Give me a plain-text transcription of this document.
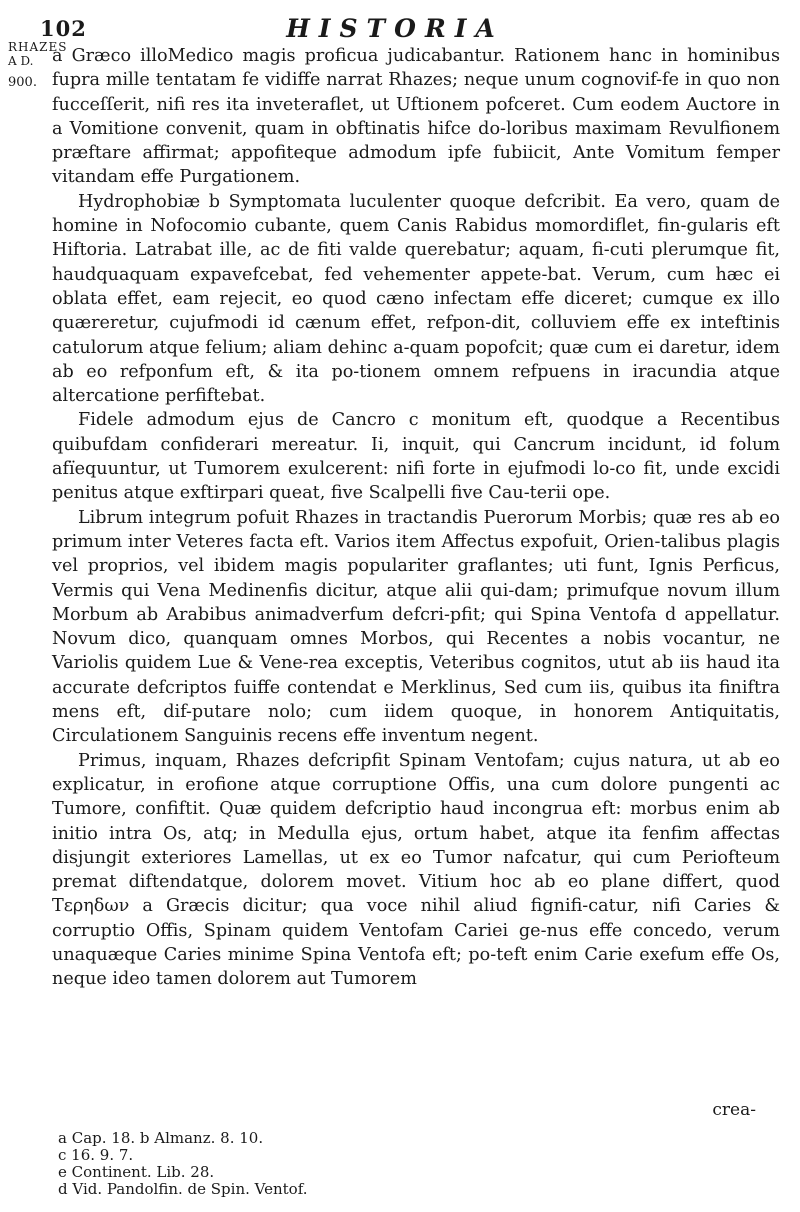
102	HISTORIA
RHAZES
A D.
900.

a Græco illoMedico magis proficua judicabantur. Rationem hanc in hominibus fupra mille tentatam fe vidiffe narrat Rhazes; neque unum cognovif-fe in quo non fucceſſerit, nifi res ita inveteraflet, ut Uftionem pofceret. Cum eodem Auctore in a Vomitione convenit, quam in obftinatis hifce do-loribus maximam Revulfionem præftare affirmat; appofiteque admodum ipfe fubiicit, Ante Vomitum femper vitandam effe Purgationem.

Hydrophobiæ b Symptomata luculenter quoque defcribit. Ea vero, quam de homine in Nofocomio cubante, quem Canis Rabidus momordiflet, fin-gularis eft Hiftoria. Latrabat ille, ac de fiti valde querebatur; aquam, fi-cuti plerumque fit, haudquaquam expavefcebat, fed vehementer appete-bat. Verum, cum hæc ei oblata effet, eam rejecit, eo quod cæno infectam effe diceret; cumque ex illo quæreretur, cujufmodi id cænum effet, refpon-dit, colluviem effe ex inteftinis catulorum atque felium; aliam dehinc a-quam popofcit; quæ cum ei daretur, idem ab eo refponfum eft, & ita po-tionem omnem refpuens in iracundia atque altercatione perfiftebat.

Fidele admodum ejus de Cancro c monitum eft, quodque a Recentibus quibufdam confiderari mereatur. Ii, inquit, qui Cancrum incidunt, id folum afïequuntur, ut Tumorem exulcerent: nifi forte in ejufmodi lo-co fit, unde excidi penitus atque exftirpari queat, five Scalpelli five Cau-terii ope.

Librum integrum pofuit Rhazes in tractandis Puerorum Morbis; quæ res ab eo primum inter Veteres facta eft. Varios item Affectus expofuit, Orien-talibus plagis vel proprios, vel ibidem magis populariter graflantes; uti funt, Ignis Perficus, Vermis qui Vena Medinenfis dicitur, atque alii qui-dam; primufque novum illum Morbum ab Arabibus animadverfum defcri-pfit; qui Spina Ventofa d appellatur. Novum dico, quanquam omnes Morbos, qui Recentes a nobis vocantur, ne Variolis quidem Lue & Vene-rea exceptis, Veteribus cognitos, utut ab iis haud ita accurate defcriptos fuiffe contendat e Merklinus, Sed cum iis, quibus ita finiftra mens eft, dif-putare nolo; cum iidem quoque, in honorem Antiquitatis, Circulationem Sanguinis recens effe inventum negent.

Primus, inquam, Rhazes defcripfit Spinam Ventofam; cujus natura, ut ab eo explicatur, in erofione atque corruptione Offis, una cum dolore pungenti ac Tumore, confiftit. Quæ quidem defcriptio haud incongrua eft: morbus enim ab initio intra Os, atq; in Medulla ejus, ortum habet, atque ita fenfim affectas disjungit exteriores Lamellas, ut ex eo Tumor nafcatur, qui cum Periofteum premat diftendatque, dolorem movet. Vitium hoc ab eo plane differt, quod Τερηδων a Græcis dicitur; qua voce nihil aliud fignifi-catur, nifi Caries & corruptio Offis, Spinam quidem Ventofam Cariei ge-nus effe concedo, verum unaquæque Caries minime Spina Ventofa eft; po-teft enim Carie exefum effe Os, neque ideo tamen dolorem aut Tumorem

crea-
a Cap. 18. b Almanz. 8. 10.
c 16. 9. 7.
e Continent. Lib. 28.
d Vid. Pandolfin. de Spin. Ventof.
